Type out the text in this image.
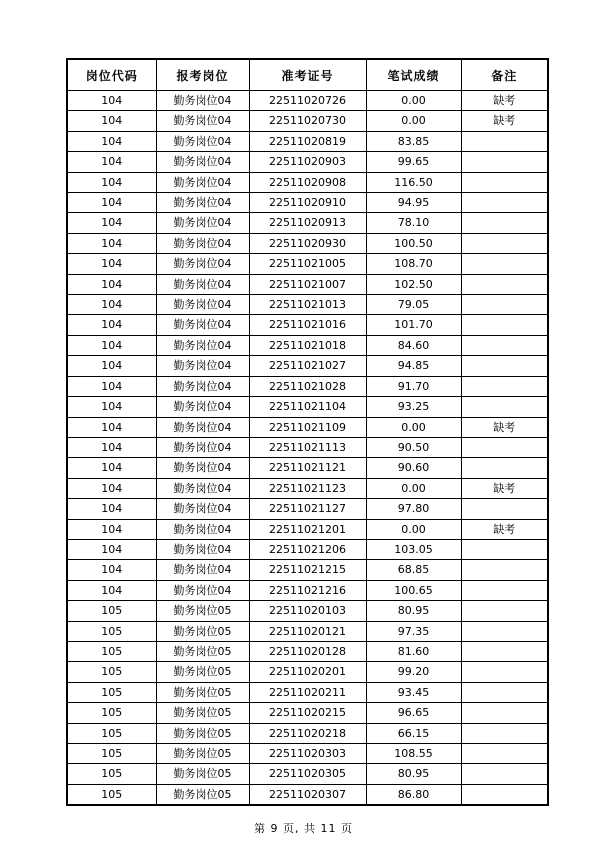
岗位代码	报考岗位	准考证号	笔试成绩	备注
104	勤务岗位04	22511020726	0.00	缺考
104	勤务岗位04	22511020730	0.00	缺考
104	勤务岗位04	22511020819	83.85	
104	勤务岗位04	22511020903	99.65	
104	勤务岗位04	22511020908	116.50	
104	勤务岗位04	22511020910	94.95	
104	勤务岗位04	22511020913	78.10	
104	勤务岗位04	22511020930	100.50	
104	勤务岗位04	22511021005	108.70	
104	勤务岗位04	22511021007	102.50	
104	勤务岗位04	22511021013	79.05	
104	勤务岗位04	22511021016	101.70	
104	勤务岗位04	22511021018	84.60	
104	勤务岗位04	22511021027	94.85	
104	勤务岗位04	22511021028	91.70	
104	勤务岗位04	22511021104	93.25	
104	勤务岗位04	22511021109	0.00	缺考
104	勤务岗位04	22511021113	90.50	
104	勤务岗位04	22511021121	90.60	
104	勤务岗位04	22511021123	0.00	缺考
104	勤务岗位04	22511021127	97.80	
104	勤务岗位04	22511021201	0.00	缺考
104	勤务岗位04	22511021206	103.05	
104	勤务岗位04	22511021215	68.85	
104	勤务岗位04	22511021216	100.65	
105	勤务岗位05	22511020103	80.95	
105	勤务岗位05	22511020121	97.35	
105	勤务岗位05	22511020128	81.60	
105	勤务岗位05	22511020201	99.20	
105	勤务岗位05	22511020211	93.45	
105	勤务岗位05	22511020215	96.65	
105	勤务岗位05	22511020218	66.15	
105	勤务岗位05	22511020303	108.55	
105	勤务岗位05	22511020305	80.95	
105	勤务岗位05	22511020307	86.80	
第 9 页, 共 11 页
